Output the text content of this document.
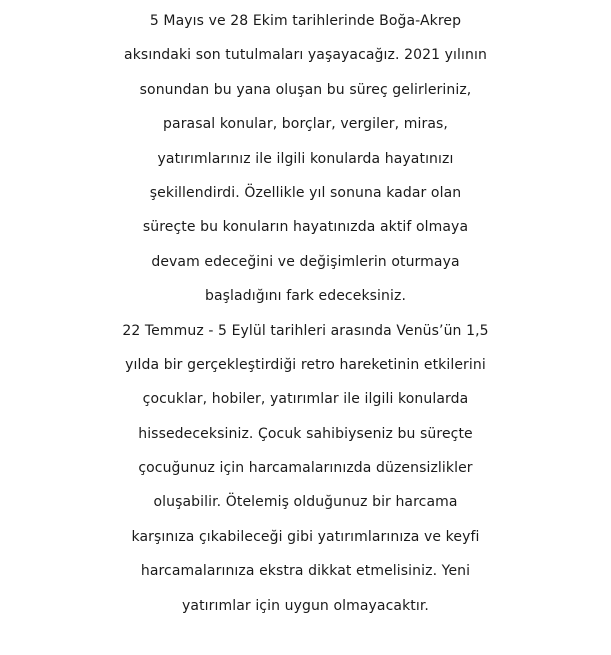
5 Mayıs ve 28 Ekim tarihlerinde Boğa-Akrep
aksındaki son tutulmaları yaşayacağız. 2021 yılının
sonundan bu yana oluşan bu süreç gelirleriniz,
parasal konular, borçlar, vergiler, miras,
yatırımlarınız ile ilgili konularda hayatınızı
şekillendirdi. Özellikle yıl sonuna kadar olan
süreçte bu konuların hayatınızda aktif olmaya
devam edeceğini ve değişimlerin oturmaya
başladığını fark edeceksiniz.
22 Temmuz - 5 Eylül tarihleri arasında Venüs’ün 1,5
yılda bir gerçekleştirdiği retro hareketinin etkilerini
çocuklar, hobiler, yatırımlar ile ilgili konularda
hissedeceksiniz. Çocuk sahibiyseniz bu süreçte
çocuğunuz için harcamalarınızda düzensizlikler
oluşabilir. Ötelemiş olduğunuz bir harcama
karşınıza çıkabileceği gibi yatırımlarınıza ve keyfi
harcamalarınıza ekstra dikkat etmelisiniz. Yeni
yatırımlar için uygun olmayacaktır.
